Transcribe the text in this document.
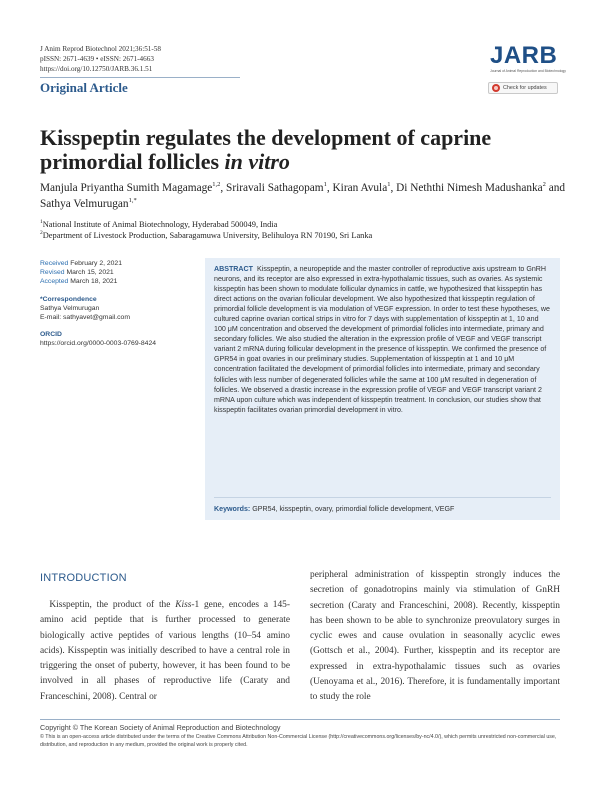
J Anim Reprod Biotechnol 2021;36:51-58
pISSN: 2671-4639 • eISSN: 2671-4663
https://doi.org/10.12750/JARB.36.1.51
Original Article
JARB
Journal of Animal Reproduction and Biotechnology
Check for updates
Kisspeptin regulates the development of caprine primordial follicles in vitro
Manjula Priyantha Sumith Magamage$^{1,2}$, Sriravali Sathagopam$^1$, Kiran Avula$^1$, Di Neththi Nimesh Madushanka$^2$ and Sathya Velmurugan$^{1,*}$
$^1$National Institute of Animal Biotechnology, Hyderabad 500049, India
$^2$Department of Livestock Production, Sabaragamuwa University, Belihuloya RN 70190, Sri Lanka
Received February 2, 2021
Revised March 15, 2021
Accepted March 18, 2021
*Correspondence
Sathya Velmurugan
E-mail: sathyavet@gmail.com
ORCID
https://orcid.org/0000-0003-0769-8424
ABSTRACT Kisspeptin, a neuropeptide and the master controller of reproductive axis upstream to GnRH neurons, and its receptor are also expressed in extra-hypothalamic tissues, such as ovaries. As systemic kisspeptin has been shown to modulate follicular dynamics in cattle, we hypothesized that kisspeptin has direct actions on the ovarian follicular development. We also hypothesized that kisspeptin regulation of primordial follicle development is via modulation of VEGF expression. In order to test these hypotheses, we cultured caprine ovarian cortical strips in vitro for 7 days with supplementation of kisspeptin at 1, 10 and 100 μM concentration and observed the development of primordial follicles into intermediate, primary and secondary follicles. We also studied the alteration in the expression profile of VEGF and VEGF transcript variant 2 mRNA during follicular development in the presence of kisspeptin. We confirmed the presence of GPR54 in goat ovaries in our preliminary studies. Supplementation of kisspeptin at 1 and 10 μM concentration facilitated the development of primordial follicles into intermediate, primary and secondary follicles with less number of degenerated follicles while the same at 100 μM resulted in degeneration of follicles. We observed a drastic increase in the expression profile of VEGF and VEGF transcript variant 2 mRNA upon culture which was independent of kisspeptin treatment. In conclusion, our studies show that kisspeptin facilitates ovarian primordial development in vitro.
Keywords: GPR54, kisspeptin, ovary, primordial follicle development, VEGF
INTRODUCTION

 Kisspeptin, the product of the Kiss-1 gene, encodes a 145-amino acid peptide that is further processed to generate biologically active peptides of various lengths (10–54 amino acids). Kisspeptin was initially described to have a central role in triggering the onset of puberty, however, it has been found to be involved in all phases of reproductive life (Caraty and Franceschini, 2008). Central or

peripheral administration of kisspeptin strongly induces the secretion of gonadotropins mainly via stimulation of GnRH secretion (Caraty and Franceschini, 2008). Recently, kisspeptin has been shown to be able to synchronize preovulatory surges in cyclic ewes and cause ovulation in seasonally acyclic ewes (Gottsch et al., 2004). Further, kisspeptin and its receptor are expressed in extra-hypothalamic tissues such as ovaries (Uenoyama et al., 2016). Therefore, it is fundamentally important to study the role

Copyright © The Korean Society of Animal Reproduction and Biotechnology
© This is an open-access article distributed under the terms of the Creative Commons Attribution Non-Commercial License (http://creativecommons.org/licenses/by-nc/4.0/), which permits unrestricted non-commercial use, distribution, and reproduction in any medium, provided the original work is properly cited.
